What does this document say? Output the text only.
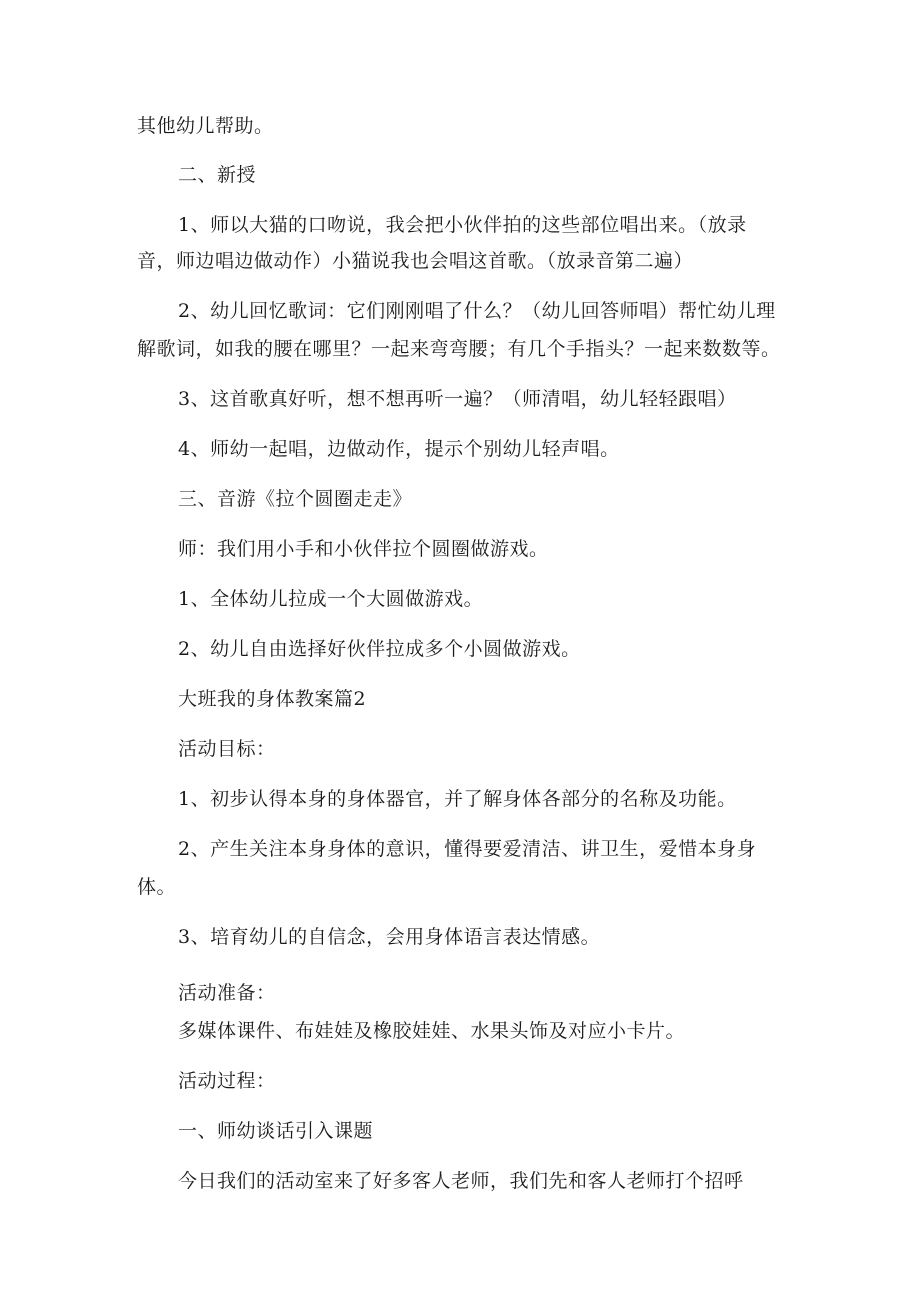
其他幼儿帮助。
二、新授
1、师以大猫的口吻说，我会把小伙伴拍的这些部位唱出来。（放录
音，师边唱边做动作）小猫说我也会唱这首歌。（放录音第二遍）
2、幼儿回忆歌词：它们刚刚唱了什么？（幼儿回答师唱）帮忙幼儿理
解歌词，如我的腰在哪里？一起来弯弯腰；有几个手指头？一起来数数等。
3、这首歌真好听，想不想再听一遍？（师清唱，幼儿轻轻跟唱）
4、师幼一起唱，边做动作，提示个别幼儿轻声唱。
三、音游《拉个圆圈走走》
师：我们用小手和小伙伴拉个圆圈做游戏。
1、全体幼儿拉成一个大圆做游戏。
2、幼儿自由选择好伙伴拉成多个小圆做游戏。
大班我的身体教案篇2
活动目标：
1、初步认得本身的身体器官，并了解身体各部分的名称及功能。
2、产生关注本身身体的意识，懂得要爱清洁、讲卫生，爱惜本身身
体。
3、培育幼儿的自信念，会用身体语言表达情感。
活动准备：
多媒体课件、布娃娃及橡胶娃娃、水果头饰及对应小卡片。
活动过程：
一、师幼谈话引入课题
今日我们的活动室来了好多客人老师，我们先和客人老师打个招呼
